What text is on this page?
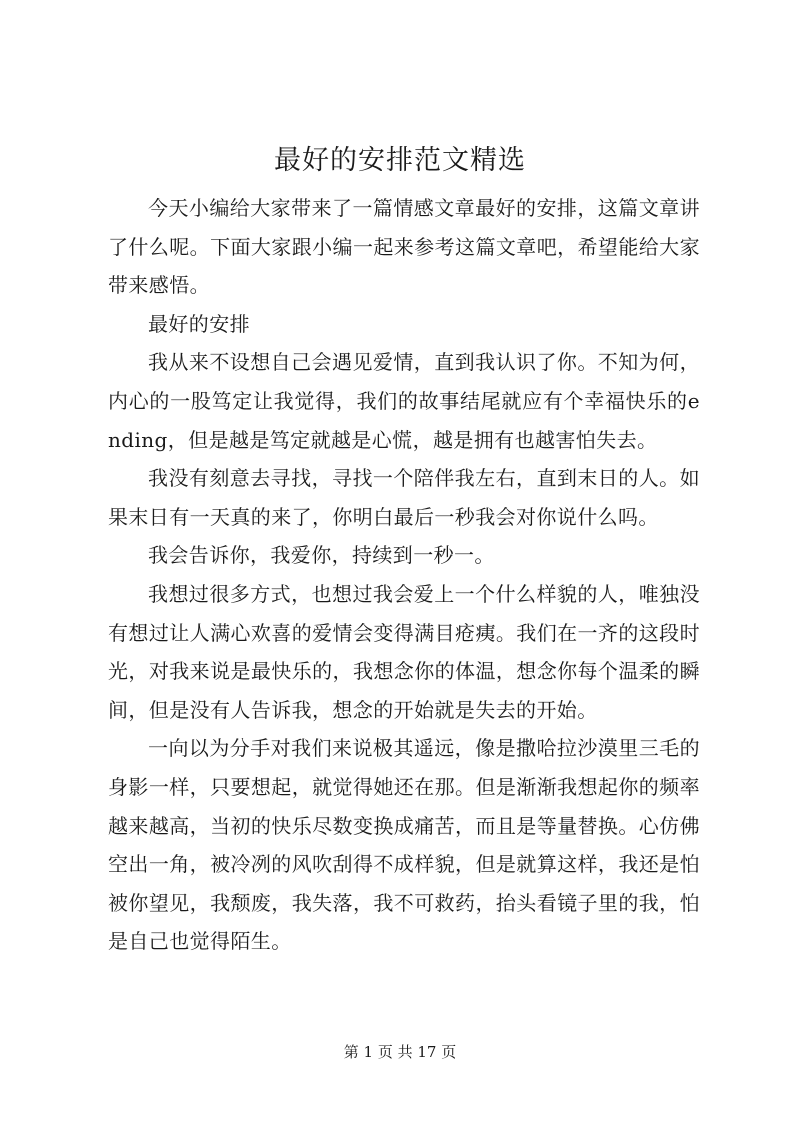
最好的安排范文精选

今天小编给大家带来了一篇情感文章最好的安排，这篇文章讲了什么呢。下面大家跟小编一起来参考这篇文章吧，希望能给大家带来感悟。

最好的安排

我从来不设想自己会遇见爱情，直到我认识了你。不知为何，内心的一股笃定让我觉得，我们的故事结尾就应有个幸福快乐的ending，但是越是笃定就越是心慌，越是拥有也越害怕失去。

我没有刻意去寻找，寻找一个陪伴我左右，直到末日的人。如果末日有一天真的来了，你明白最后一秒我会对你说什么吗。

我会告诉你，我爱你，持续到一秒一。

我想过很多方式，也想过我会爱上一个什么样貌的人，唯独没有想过让人满心欢喜的爱情会变得满目疮痍。我们在一齐的这段时光，对我来说是最快乐的，我想念你的体温，想念你每个温柔的瞬间，但是没有人告诉我，想念的开始就是失去的开始。

一向以为分手对我们来说极其遥远，像是撒哈拉沙漠里三毛的身影一样，只要想起，就觉得她还在那。但是渐渐我想起你的频率越来越高，当初的快乐尽数变换成痛苦，而且是等量替换。心仿佛空出一角，被冷冽的风吹刮得不成样貌，但是就算这样，我还是怕被你望见，我颓废，我失落，我不可救药，抬头看镜子里的我，怕是自己也觉得陌生。

第 1 页 共 17 页
